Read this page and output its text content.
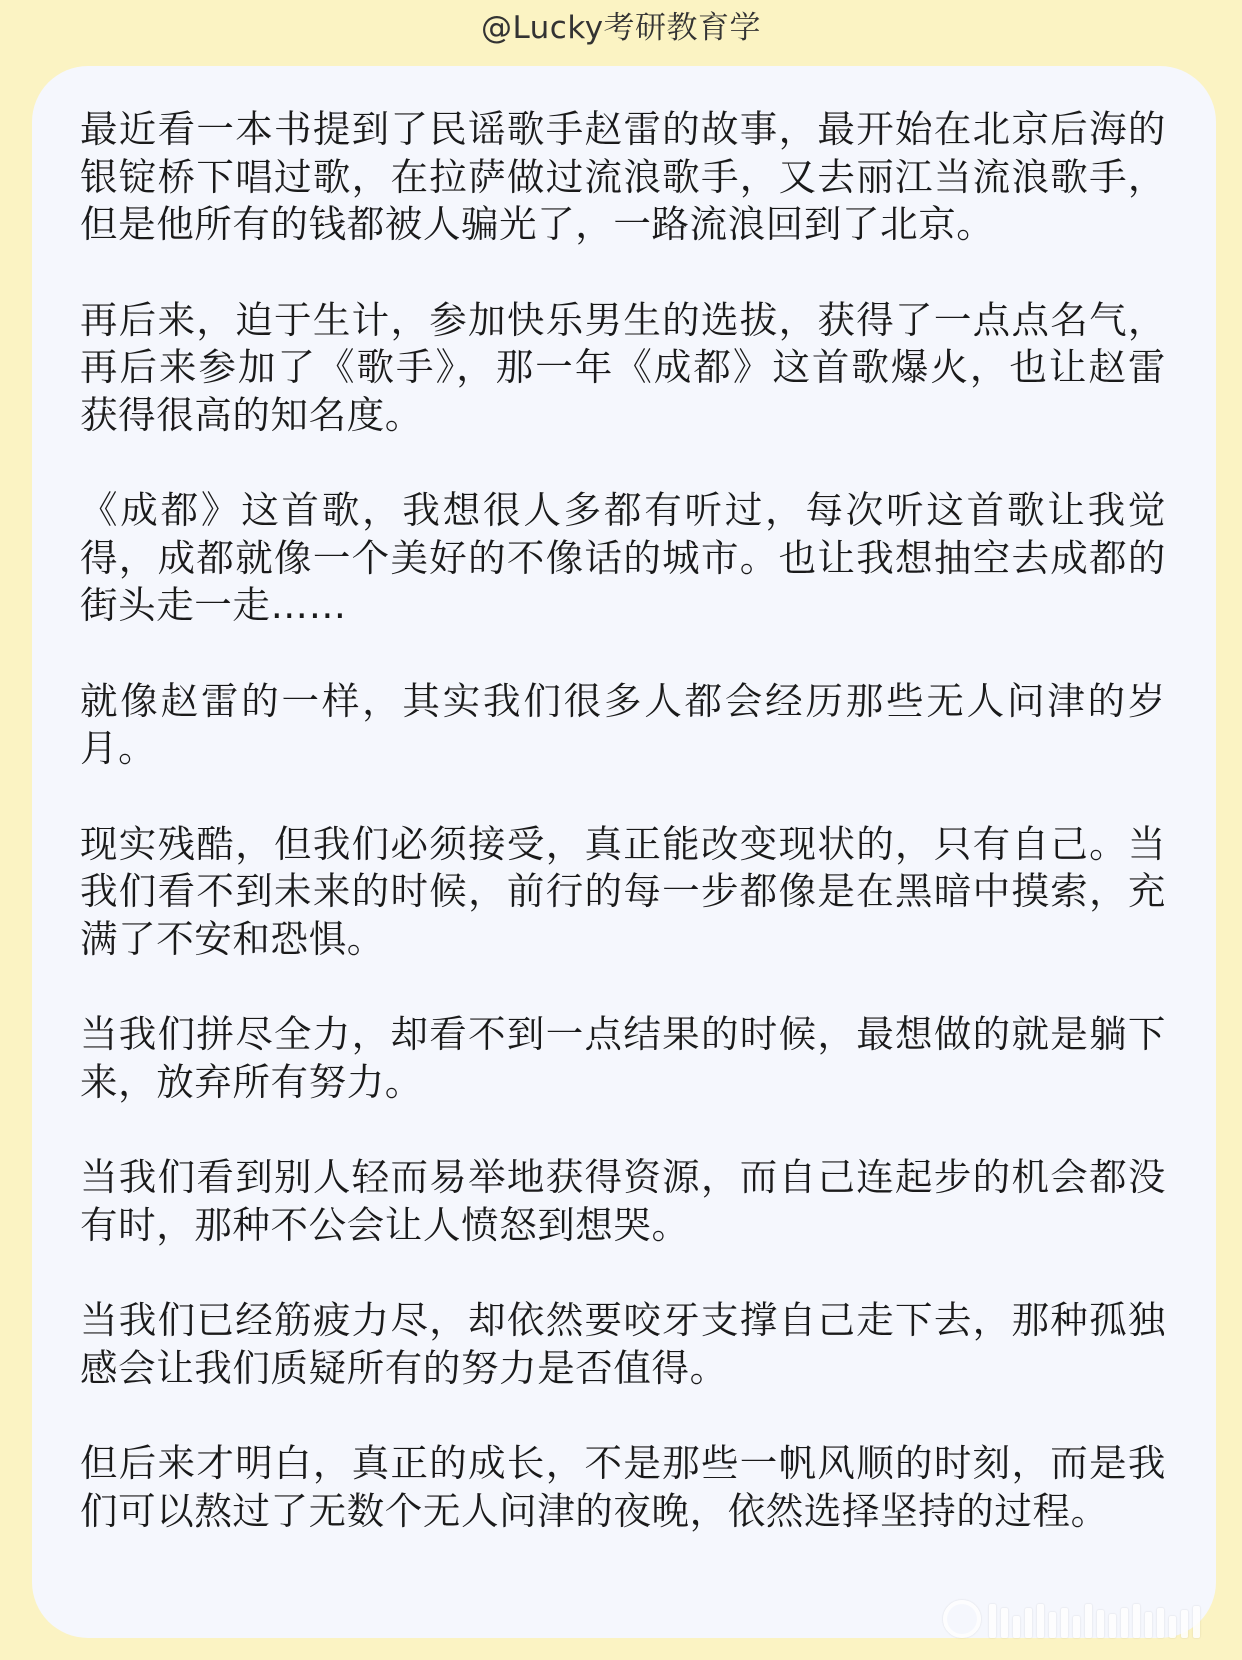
@Lucky考研教育学

最近看一本书提到了民谣歌手赵雷的故事，最开始在北京后海的银锭桥下唱过歌，在拉萨做过流浪歌手，又去丽江当流浪歌手，但是他所有的钱都被人骗光了，一路流浪回到了北京。

再后来，迫于生计，参加快乐男生的选拔，获得了一点点名气，再后来参加了《歌手》，那一年《成都》这首歌爆火，也让赵雷获得很高的知名度。

《成都》这首歌，我想很人多都有听过，每次听这首歌让我觉得，成都就像一个美好的不像话的城市。也让我想抽空去成都的街头走一走……

就像赵雷的一样，其实我们很多人都会经历那些无人问津的岁月。

现实残酷，但我们必须接受，真正能改变现状的，只有自己。当我们看不到未来的时候，前行的每一步都像是在黑暗中摸索，充满了不安和恐惧。

当我们拼尽全力，却看不到一点结果的时候，最想做的就是躺下来，放弃所有努力。

当我们看到别人轻而易举地获得资源，而自己连起步的机会都没有时，那种不公会让人愤怒到想哭。

当我们已经筋疲力尽，却依然要咬牙支撑自己走下去，那种孤独感会让我们质疑所有的努力是否值得。

但后来才明白，真正的成长，不是那些一帆风顺的时刻，而是我们可以熬过了无数个无人问津的夜晚，依然选择坚持的过程。
